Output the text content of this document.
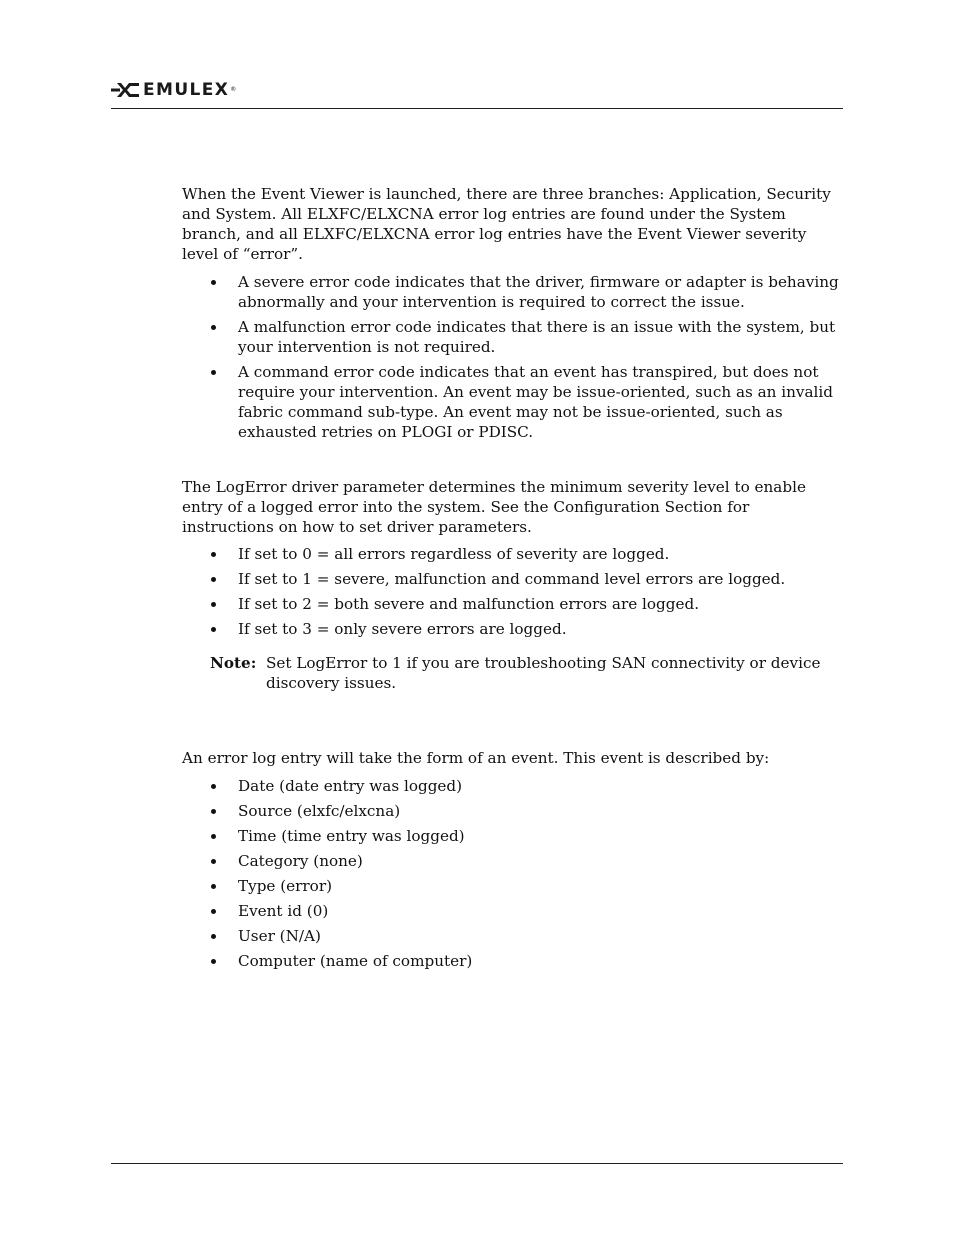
EMULEX ®

When the Event Viewer is launched, there are three branches: Application, Security and System. All ELXFC/ELXCNA error log entries are found under the System branch, and all ELXFC/ELXCNA error log entries have the Event Viewer severity level of “error”.

A severe error code indicates that the driver, firmware or adapter is behaving abnormally and your intervention is required to correct the issue.
A malfunction error code indicates that there is an issue with the system, but your intervention is not required.
A command error code indicates that an event has transpired, but does not require your intervention. An event may be issue-oriented, such as an invalid fabric command sub-type. An event may not be issue-oriented, such as exhausted retries on PLOGI or PDISC.

The LogError driver parameter determines the minimum severity level to enable entry of a logged error into the system. See the Configuration Section for instructions on how to set driver parameters.

If set to 0 = all errors regardless of severity are logged.
If set to 1 = severe, malfunction and command level errors are logged.
If set to 2 = both severe and malfunction errors are logged.
If set to 3 = only severe errors are logged.
Note: Set LogError to 1 if you are troubleshooting SAN connectivity or device discovery issues.

An error log entry will take the form of an event. This event is described by:

Date (date entry was logged)
Source (elxfc/elxcna)
Time (time entry was logged)
Category (none)
Type (error)
Event id (0)
User (N/A)
Computer (name of computer)
